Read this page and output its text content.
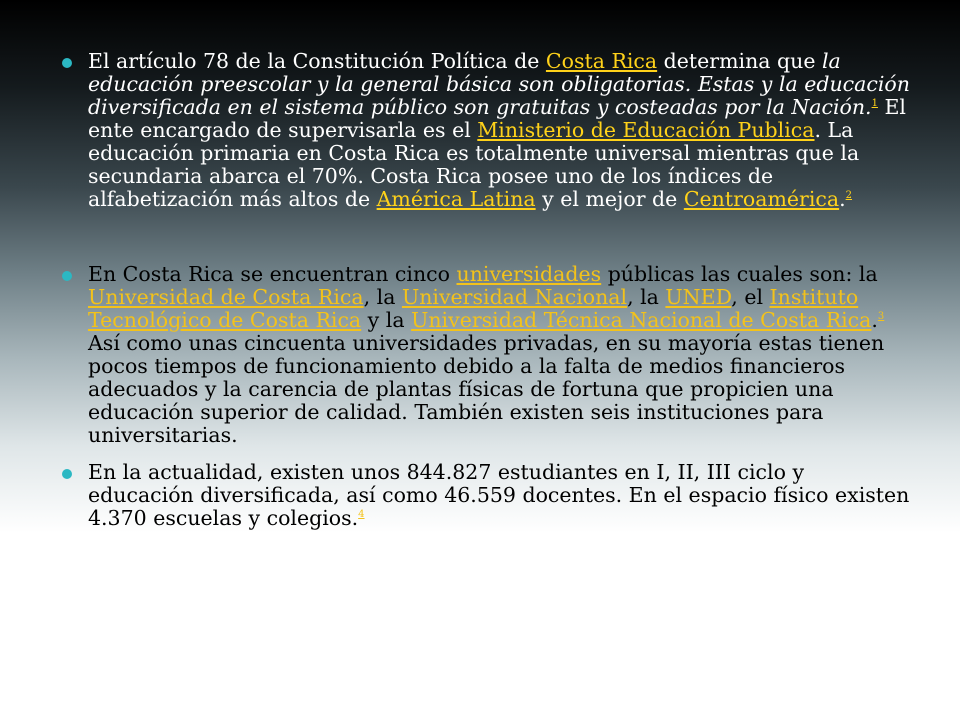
El artículo 78 de la Constitución Política de Costa Rica determina que la educación preescolar y la general básica son obligatorias. Estas y la educación diversificada en el sistema público son gratuitas y costeadas por la Nación.$^1$ El ente encargado de supervisarla es el Ministerio de Educación Publica. La educación primaria en Costa Rica es totalmente universal mientras que la secundaria abarca el 70%. Costa Rica posee uno de los índices de alfabetización más altos de América Latina y el mejor de Centroamérica.$^2$
En Costa Rica se encuentran cinco universidades públicas las cuales son: la Universidad de Costa Rica, la Universidad Nacional, la UNED, el Instituto Tecnológico de Costa Rica y la Universidad Técnica Nacional de Costa Rica.$^3$ Así como unas cincuenta universidades privadas, en su mayoría estas tienen pocos tiempos de funcionamiento debido a la falta de medios financieros adecuados y la carencia de plantas físicas de fortuna que propicien una educación superior de calidad. También existen seis instituciones para universitarias.
En la actualidad, existen unos 844.827 estudiantes en I, II, III ciclo y educación diversificada, así como 46.559 docentes. En el espacio físico existen 4.370 escuelas y colegios.$^4$
